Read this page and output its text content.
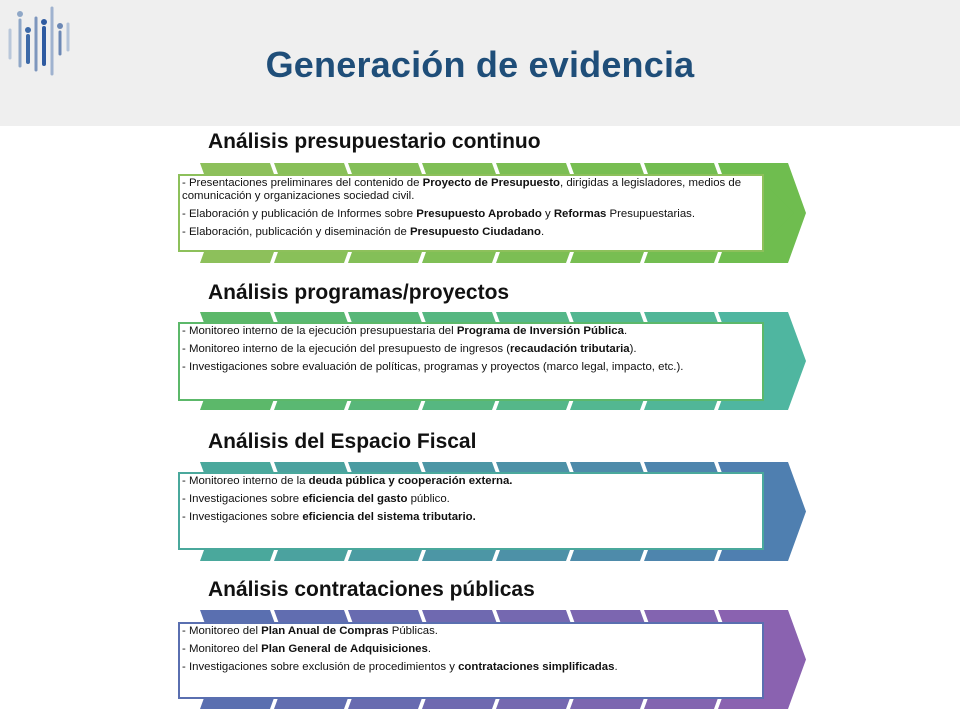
Generación de evidencia
Análisis presupuestario continuo

- Presentaciones preliminares del contenido de Proyecto de Presupuesto, dirigidas a legisladores, medios de comunicación y organizaciones sociedad civil.

- Elaboración y publicación de Informes sobre Presupuesto Aprobado y Reformas Presupuestarias.

- Elaboración, publicación y diseminación de Presupuesto Ciudadano.

Análisis programas/proyectos

- Monitoreo interno de la ejecución presupuestaria del Programa de Inversión Pública.

- Monitoreo interno de la ejecución del presupuesto de ingresos (recaudación tributaria).

- Investigaciones sobre evaluación de políticas, programas y proyectos (marco legal, impacto, etc.).

Análisis del Espacio Fiscal

- Monitoreo interno de la deuda pública y cooperación externa.

- Investigaciones sobre eficiencia del gasto público.

- Investigaciones sobre eficiencia del sistema tributario.

Análisis contrataciones públicas

- Monitoreo del Plan Anual de Compras Públicas.

- Monitoreo del Plan General de Adquisiciones.

- Investigaciones sobre exclusión de procedimientos y contrataciones simplificadas.
